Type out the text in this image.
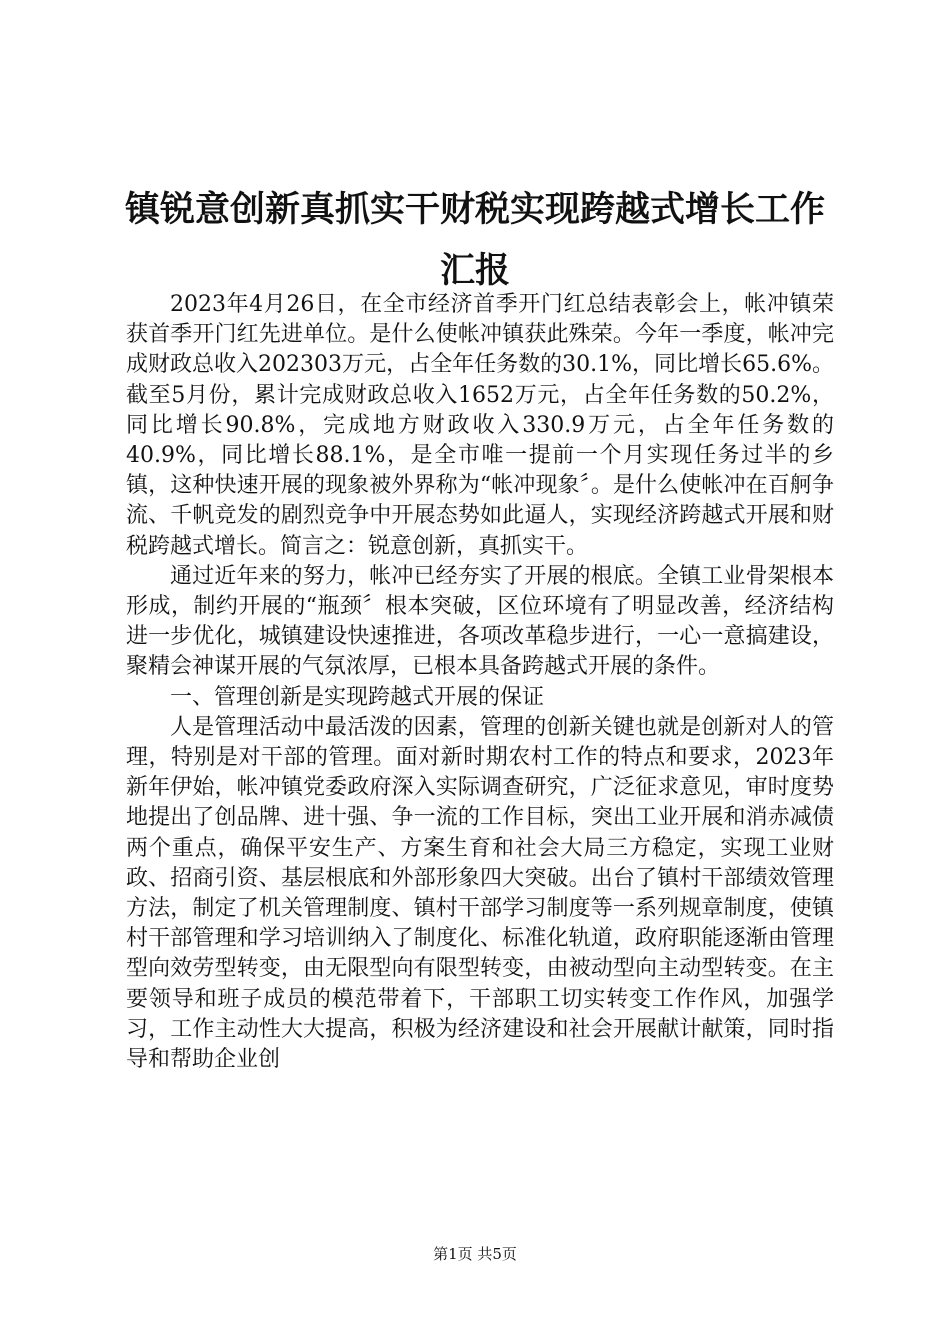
镇锐意创新真抓实干财税实现跨越式增长工作
汇报

2023年4月26日，在全市经济首季开门红总结表彰会上，帐冲镇荣获首季开门红先进单位。是什么使帐冲镇获此殊荣。今年一季度，帐冲完成财政总收入202303万元，占全年任务数的30.1%，同比增长65.6%。截至5月份，累计完成财政总收入1652万元，占全年任务数的50.2%，同比增长90.8%，完成地方财政收入330.9万元，占全年任务数的40.9%，同比增长88.1%，是全市唯一提前一个月实现任务过半的乡镇，这种快速开展的现象被外界称为“帐冲现象〞。是什么使帐冲在百舸争流、千帆竞发的剧烈竞争中开展态势如此逼人，实现经济跨越式开展和财税跨越式增长。简言之：锐意创新，真抓实干。

通过近年来的努力，帐冲已经夯实了开展的根底。全镇工业骨架根本形成，制约开展的“瓶颈〞根本突破，区位环境有了明显改善，经济结构进一步优化，城镇建设快速推进，各项改革稳步进行，一心一意搞建设，聚精会神谋开展的气氛浓厚，已根本具备跨越式开展的条件。

一、管理创新是实现跨越式开展的保证

人是管理活动中最活泼的因素，管理的创新关键也就是创新对人的管理，特别是对干部的管理。面对新时期农村工作的特点和要求，2023年新年伊始，帐冲镇党委政府深入实际调查研究，广泛征求意见，审时度势地提出了创品牌、进十强、争一流的工作目标，突出工业开展和消赤减债两个重点，确保平安生产、方案生育和社会大局三方稳定，实现工业财政、招商引资、基层根底和外部形象四大突破。出台了镇村干部绩效管理方法，制定了机关管理制度、镇村干部学习制度等一系列规章制度，使镇村干部管理和学习培训纳入了制度化、标准化轨道，政府职能逐渐由管理型向效劳型转变，由无限型向有限型转变，由被动型向主动型转变。在主要领导和班子成员的模范带着下，干部职工切实转变工作作风，加强学习，工作主动性大大提高，积极为经济建设和社会开展献计献策，同时指导和帮助企业创

第1页 共5页
